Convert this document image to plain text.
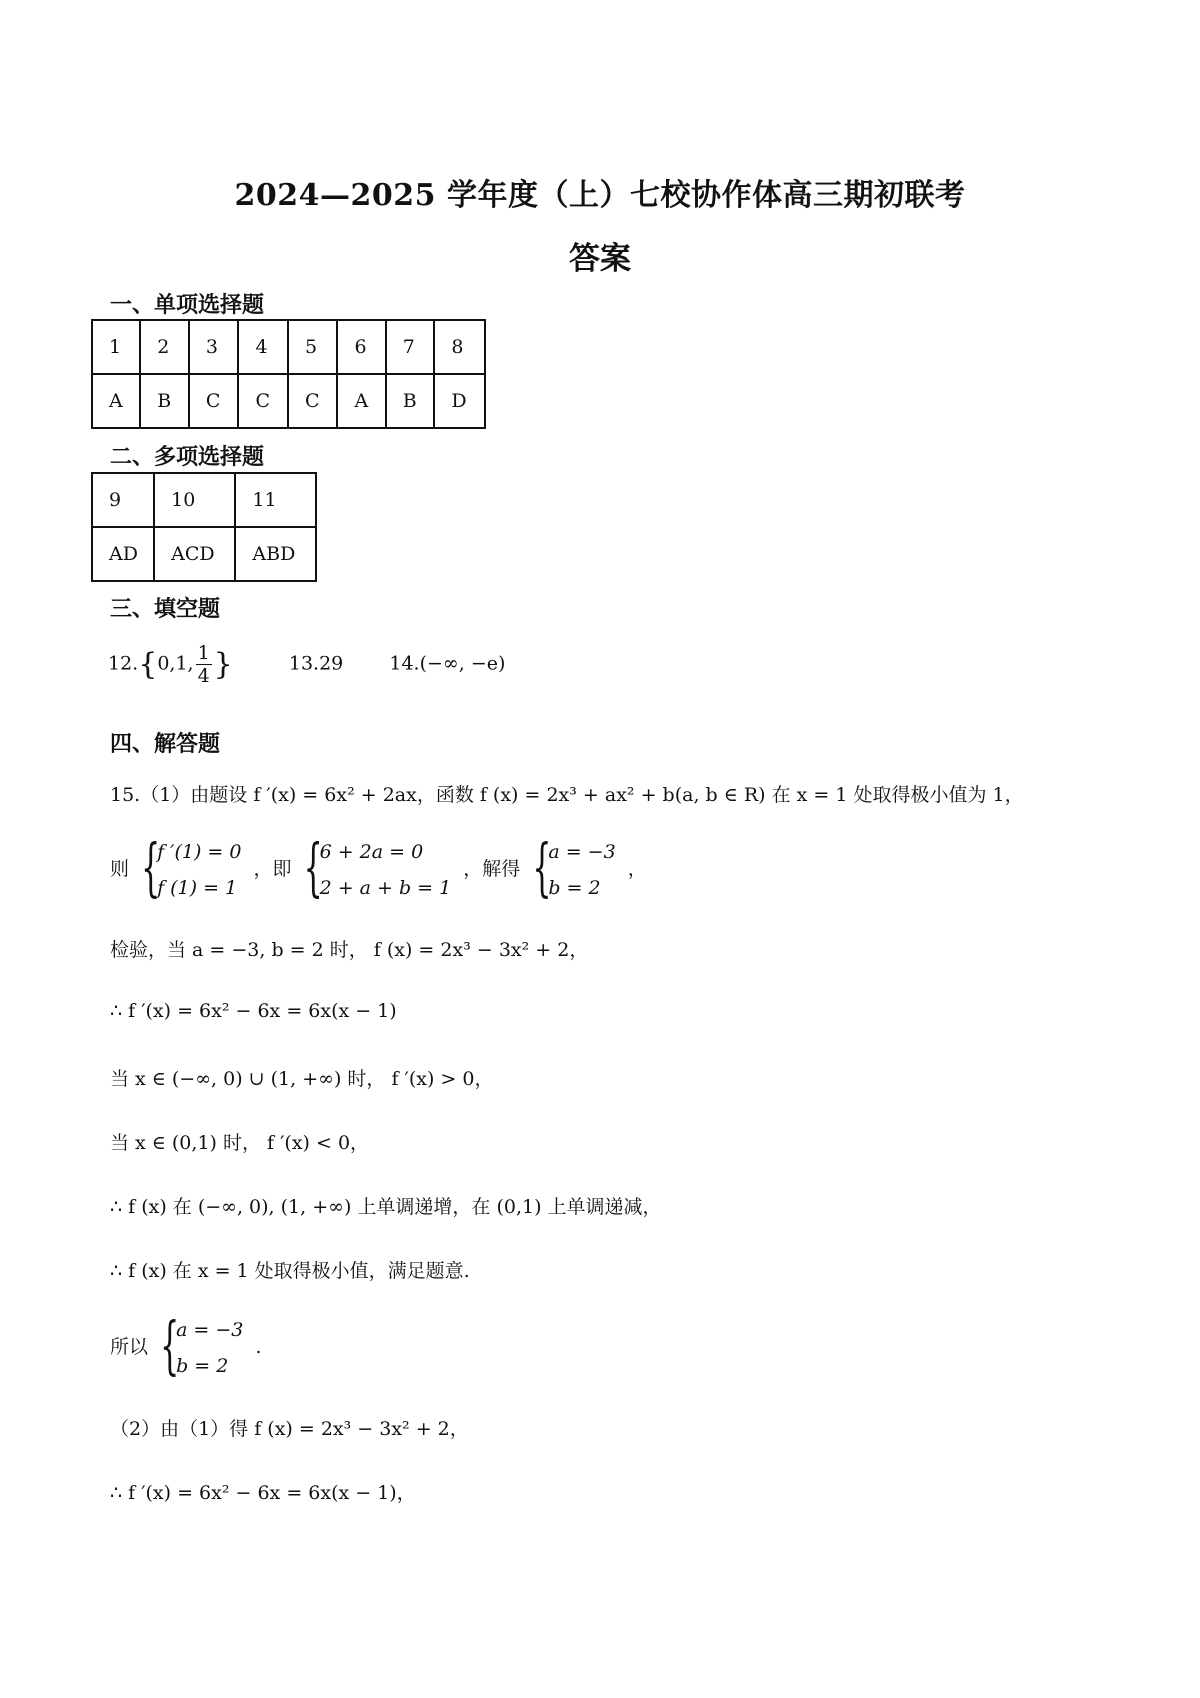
2024—2025 学年度（上）七校协作体高三期初联考
答案
一、单项选择题
1	2	3	4	5	6	7	8
A	B	C	C	C	A	B	D
二、多项选择题
9	10	11
AD	ACD	ABD
三、填空题
12.{0,1, $\frac{1}{4}$ }	13.29 14.(−∞, −e)
四、解答题
15.（1）由题设 f ′(x) = 6x² + 2ax，函数 f (x) = 2x³ + ax² + b(a, b ∈ R) 在 x = 1 处取得极小值为 1，
则
{ f ′(1) = 0
f (1) = 1
，即
{ 6 + 2a = 0
2 + a + b = 1
，解得
{ a = −3
b = 2
，
检验，当 a = −3, b = 2 时， f (x) = 2x³ − 3x² + 2，
∴ f ′(x) = 6x² − 6x = 6x(x − 1)
当 x ∈ (−∞, 0) ∪ (1, +∞) 时， f ′(x) > 0，
当 x ∈ (0,1) 时， f ′(x) < 0，
∴ f (x) 在 (−∞, 0), (1, +∞) 上单调递增，在 (0,1) 上单调递减，
∴ f (x) 在 x = 1 处取得极小值，满足题意.
所以
{ a = −3
b = 2
.
（2）由（1）得 f (x) = 2x³ − 3x² + 2，
∴ f ′(x) = 6x² − 6x = 6x(x − 1)，
